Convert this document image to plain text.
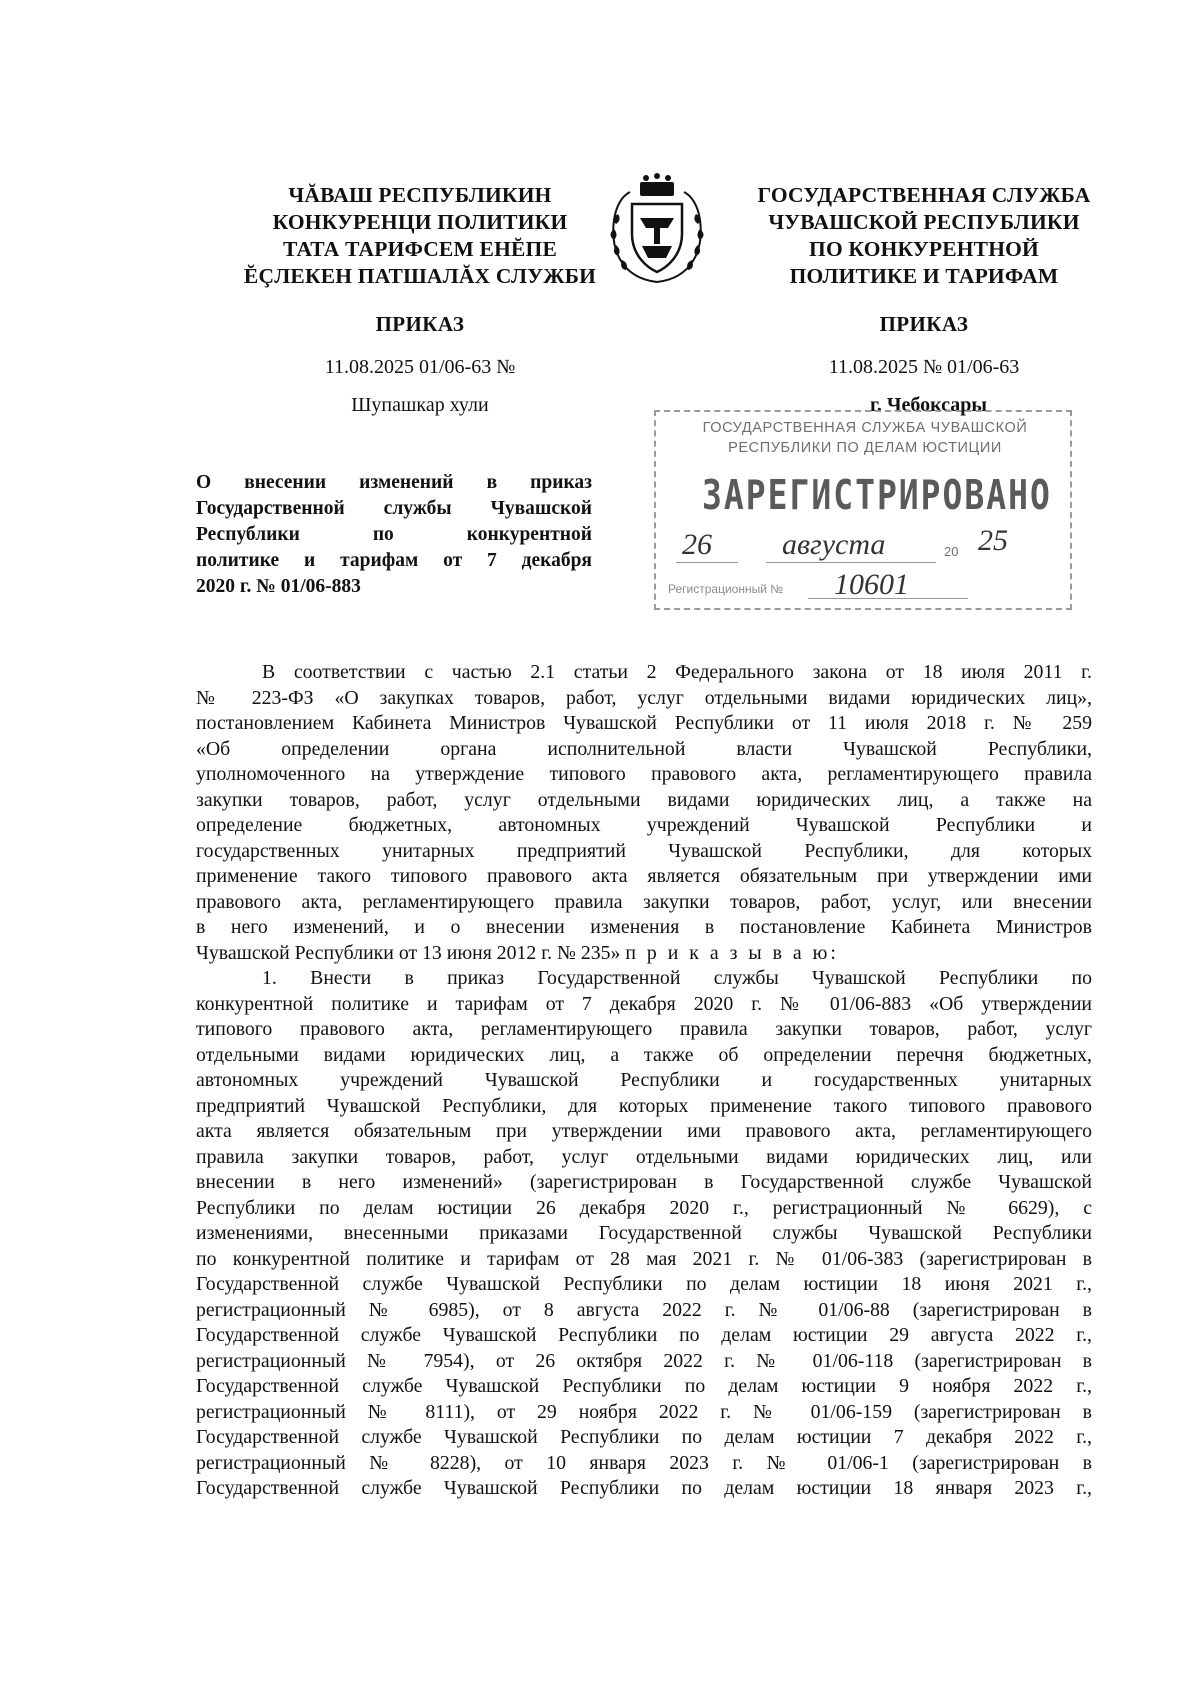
ЧĂВАШ РЕСПУБЛИКИН
КОНКУРЕНЦИ ПОЛИТИКИ
ТАТА ТАРИФСЕМ ЕНĔПЕ
ĔÇЛЕКЕН ПАТШАЛĂХ СЛУЖБИ
ГОСУДАРСТВЕННАЯ СЛУЖБА
ЧУВАШСКОЙ РЕСПУБЛИКИ
ПО КОНКУРЕНТНОЙ
ПОЛИТИКЕ И ТАРИФАМ
ПРИКАЗ	ПРИКАЗ
11.08.2025 01/06-63 №	11.08.2025 № 01/06-63
Шупашкар хули	г. Чебоксары
ГОСУДАРСТВЕННАЯ СЛУЖБА ЧУВАШСКОЙ
РЕСПУБЛИКИ ПО ДЕЛАМ ЮСТИЦИИ
ЗАРЕГИСТРИРОВАНО
26 августа	20 25
Регистрационный № 10601
О внесении изменений в приказ
Государственной службы Чувашской
Республики по конкурентной
политике и тарифам от 7 декабря
2020 г. № 01/06-883
В соответствии с частью 2.1 статьи 2 Федерального закона от 18 июля 2011 г.
№ 223-ФЗ «О закупках товаров, работ, услуг отдельными видами юридических лиц»,
постановлением Кабинета Министров Чувашской Республики от 11 июля 2018 г. № 259
«Об определении органа исполнительной власти Чувашской Республики,
уполномоченного на утверждение типового правового акта, регламентирующего правила
закупки товаров, работ, услуг отдельными видами юридических лиц, а также на
определение бюджетных, автономных учреждений Чувашской Республики и
государственных унитарных предприятий Чувашской Республики, для которых
применение такого типового правового акта является обязательным при утверждении ими
правового акта, регламентирующего правила закупки товаров, работ, услуг, или внесении
в него изменений, и о внесении изменения в постановление Кабинета Министров
Чувашской Республики от 13 июня 2012 г. № 235» п р и к а з ы в а ю:
1. Внести в приказ Государственной службы Чувашской Республики по
конкурентной политике и тарифам от 7 декабря 2020 г. № 01/06-883 «Об утверждении
типового правового акта, регламентирующего правила закупки товаров, работ, услуг
отдельными видами юридических лиц, а также об определении перечня бюджетных,
автономных учреждений Чувашской Республики и государственных унитарных
предприятий Чувашской Республики, для которых применение такого типового правового
акта является обязательным при утверждении ими правового акта, регламентирующего
правила закупки товаров, работ, услуг отдельными видами юридических лиц, или
внесении в него изменений» (зарегистрирован в Государственной службе Чувашской
Республики по делам юстиции 26 декабря 2020 г., регистрационный № 6629), с
изменениями, внесенными приказами Государственной службы Чувашской Республики
по конкурентной политике и тарифам от 28 мая 2021 г. № 01/06-383 (зарегистрирован в
Государственной службе Чувашской Республики по делам юстиции 18 июня 2021 г.,
регистрационный № 6985), от 8 августа 2022 г. № 01/06-88 (зарегистрирован в
Государственной службе Чувашской Республики по делам юстиции 29 августа 2022 г.,
регистрационный № 7954), от 26 октября 2022 г. № 01/06-118 (зарегистрирован в
Государственной службе Чувашской Республики по делам юстиции 9 ноября 2022 г.,
регистрационный № 8111), от 29 ноября 2022 г. № 01/06-159 (зарегистрирован в
Государственной службе Чувашской Республики по делам юстиции 7 декабря 2022 г.,
регистрационный № 8228), от 10 января 2023 г. № 01/06-1 (зарегистрирован в
Государственной службе Чувашской Республики по делам юстиции 18 января 2023 г.,
